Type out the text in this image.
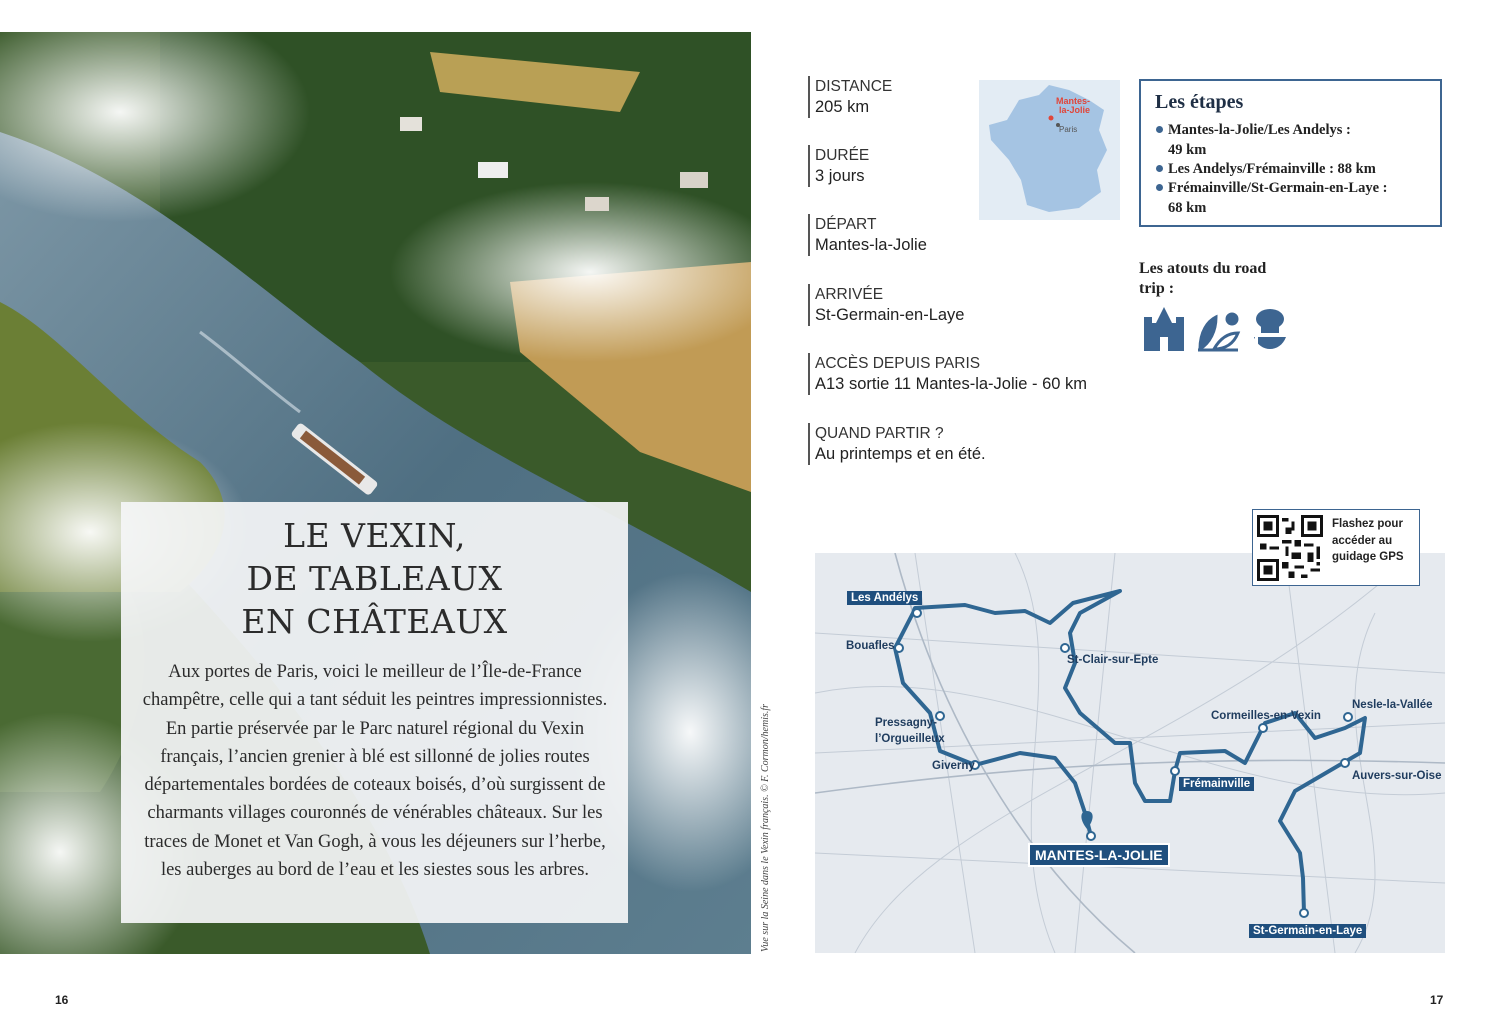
LE VEXIN,
DE TABLEAUX
EN CHÂTEAUX
Aux portes de Paris, voici le meilleur de l’Île-de-France champêtre, celle qui a tant séduit les peintres impressionnistes. En partie préservée par le Parc naturel régional du Vexin français, l’ancien grenier à blé est sillonné de jolies routes départementales bordées de coteaux boisés, d’où surgissent de charmants villages couronnés de vénérables châteaux. Sur les traces de Monet et Van Gogh, à vous les déjeuners sur l’herbe, les auberges au bord de l’eau et les siestes sous les arbres.	Vue sur la Seine dans le Vexin français. © F. Cormon/hemis.fr
16
DISTANCE
205 km
DURÉE
3 jours
DÉPART
Mantes-la-Jolie
ARRIVÉE
St-Germain-en-Laye
ACCÈS DEPUIS PARIS
A13 sortie 11 Mantes-la-Jolie - 60 km
QUAND PARTIR ?
Au printemps et en été.
Mantes-
la-Jolie
Paris
Les étapes
Mantes-la-Jolie/Les Andelys :
49 km
Les Andelys/Frémainville : 88 km
Frémainville/St-Germain-en-Laye :
68 km
Les atouts du road trip :
Les Andélys
Bouafles
Pressagny-
l’Orgueilleux
Giverny
St-Clair-sur-Epte
MANTES-LA-JOLIE
Frémainville
Cormeilles-en-Vexin
Nesle-la-Vallée
Auvers-sur-Oise
St-Germain-en-Laye
Flashez pour accéder au guidage GPS
17
